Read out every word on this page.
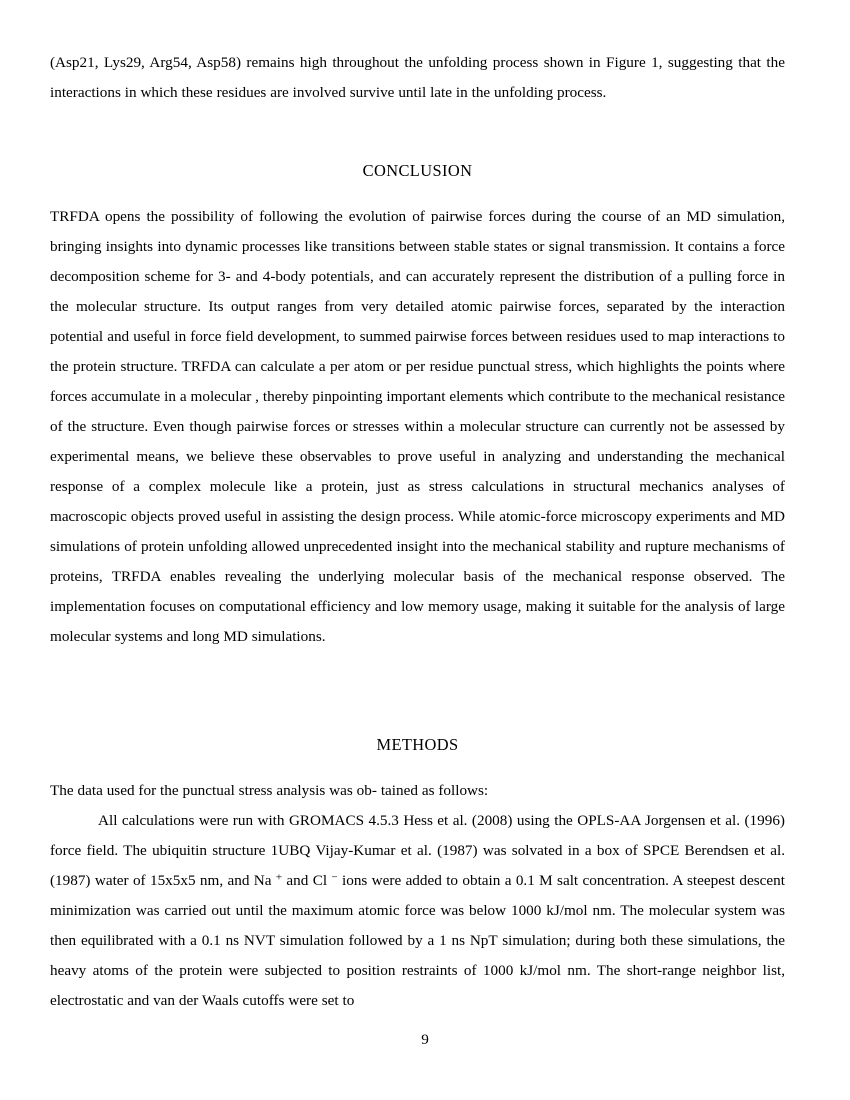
(Asp21, Lys29, Arg54, Asp58) remains high throughout the unfolding process shown in Figure 1, suggesting that the interactions in which these residues are involved survive until late in the unfolding process.

CONCLUSION

TRFDA opens the possibility of following the evolution of pairwise forces during the course of an MD simulation, bringing insights into dynamic processes like transitions between stable states or signal transmission. It contains a force decomposition scheme for 3- and 4-body potentials, and can accurately represent the distribution of a pulling force in the molecular structure. Its output ranges from very detailed atomic pairwise forces, separated by the interaction potential and useful in force field development, to summed pairwise forces between residues used to map interactions to the protein structure. TRFDA can calculate a per atom or per residue punctual stress, which highlights the points where forces accumulate in a molecular , thereby pinpointing important elements which contribute to the mechanical resistance of the structure. Even though pairwise forces or stresses within a molecular structure can currently not be assessed by experimental means, we believe these observables to prove useful in analyzing and understanding the mechanical response of a complex molecule like a protein, just as stress calculations in structural mechanics analyses of macroscopic objects proved useful in assisting the design process. While atomic-force microscopy experiments and MD simulations of protein unfolding allowed unprecedented insight into the mechanical stability and rupture mechanisms of proteins, TRFDA enables revealing the underlying molecular basis of the mechanical response observed. The implementation focuses on computational efficiency and low memory usage, making it suitable for the analysis of large molecular systems and long MD simulations.

METHODS

The data used for the punctual stress analysis was ob- tained as follows:

All calculations were run with GROMACS 4.5.3 Hess et al. (2008) using the OPLS-AA Jorgensen et al. (1996) force field. The ubiquitin structure 1UBQ Vijay-Kumar et al. (1987) was solvated in a box of SPCE Berendsen et al. (1987) water of 15x5x5 nm, and Na + and Cl − ions were added to obtain a 0.1 M salt concentration. A steepest descent minimization was carried out until the maximum atomic force was below 1000 kJ/mol nm. The molecular system was then equilibrated with a 0.1 ns NVT simulation followed by a 1 ns NpT simulation; during both these simulations, the heavy atoms of the protein were subjected to position restraints of 1000 kJ/mol nm. The short-range neighbor list, electrostatic and van der Waals cutoffs were set to

9
